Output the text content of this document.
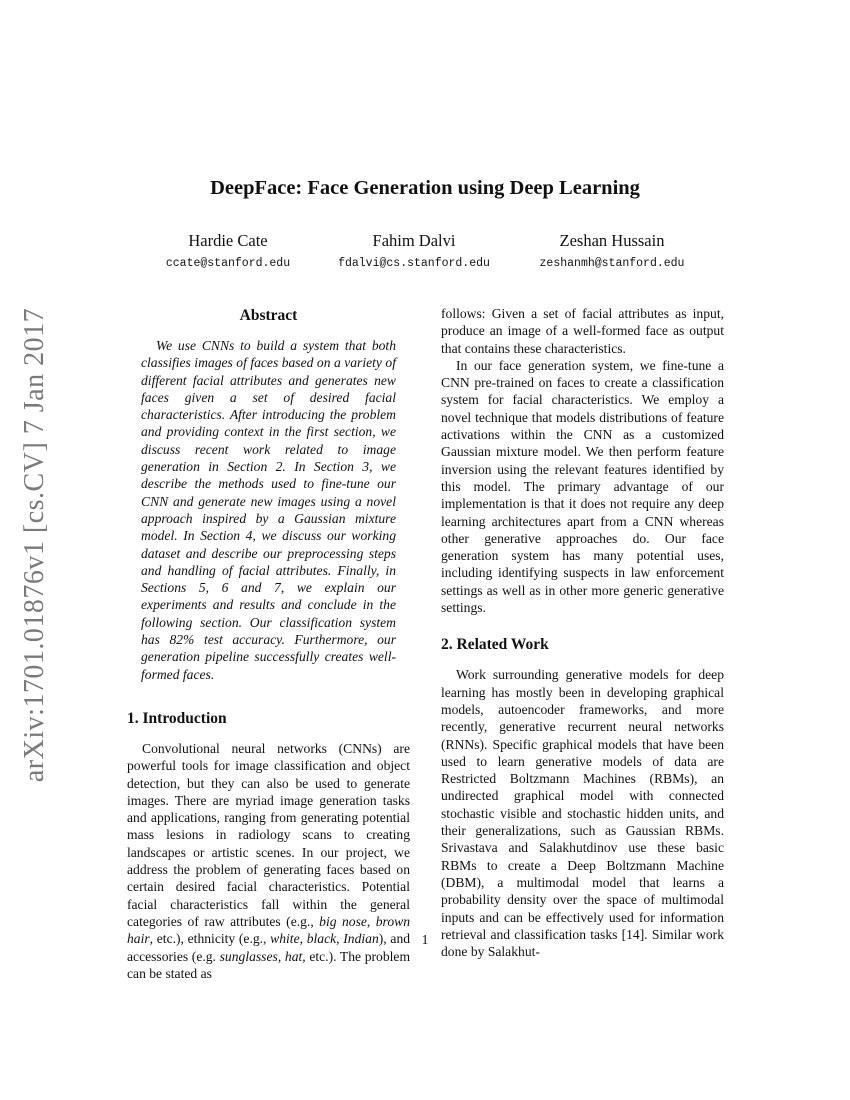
arXiv:1701.01876v1 [cs.CV] 7 Jan 2017
DeepFace: Face Generation using Deep Learning
Hardie Cate
ccate@stanford.edu
Fahim Dalvi
fdalvi@cs.stanford.edu
Zeshan Hussain
zeshanmh@stanford.edu
Abstract

We use CNNs to build a system that both classifies images of faces based on a variety of different facial attributes and generates new faces given a set of desired facial characteristics. After introducing the problem and providing context in the first section, we discuss recent work related to image generation in Section 2. In Section 3, we describe the methods used to fine-tune our CNN and generate new images using a novel approach inspired by a Gaussian mixture model. In Section 4, we discuss our working dataset and describe our preprocessing steps and handling of facial attributes. Finally, in Sections 5, 6 and 7, we explain our experiments and results and conclude in the following section. Our classification system has 82% test accuracy. Furthermore, our generation pipeline successfully creates well-formed faces.

1. Introduction

Convolutional neural networks (CNNs) are powerful tools for image classification and object detection, but they can also be used to generate images. There are myriad image generation tasks and applications, ranging from generating potential mass lesions in radiology scans to creating landscapes or artistic scenes. In our project, we address the problem of generating faces based on certain desired facial characteristics. Potential facial characteristics fall within the general categories of raw attributes (e.g., big nose, brown hair, etc.), ethnicity (e.g., white, black, Indian), and accessories (e.g. sunglasses, hat, etc.). The problem can be stated as

follows: Given a set of facial attributes as input, produce an image of a well-formed face as output that contains these characteristics.

In our face generation system, we fine-tune a CNN pre-trained on faces to create a classification system for facial characteristics. We employ a novel technique that models distributions of feature activations within the CNN as a customized Gaussian mixture model. We then perform feature inversion using the relevant features identified by this model. The primary advantage of our implementation is that it does not require any deep learning architectures apart from a CNN whereas other generative approaches do. Our face generation system has many potential uses, including identifying suspects in law enforcement settings as well as in other more generic generative settings.

2. Related Work

Work surrounding generative models for deep learning has mostly been in developing graphical models, autoencoder frameworks, and more recently, generative recurrent neural networks (RNNs). Specific graphical models that have been used to learn generative models of data are Restricted Boltzmann Machines (RBMs), an undirected graphical model with connected stochastic visible and stochastic hidden units, and their generalizations, such as Gaussian RBMs. Srivastava and Salakhutdinov use these basic RBMs to create a Deep Boltzmann Machine (DBM), a multimodal model that learns a probability density over the space of multimodal inputs and can be effectively used for information retrieval and classification tasks [14]. Similar work done by Salakhut-

1
